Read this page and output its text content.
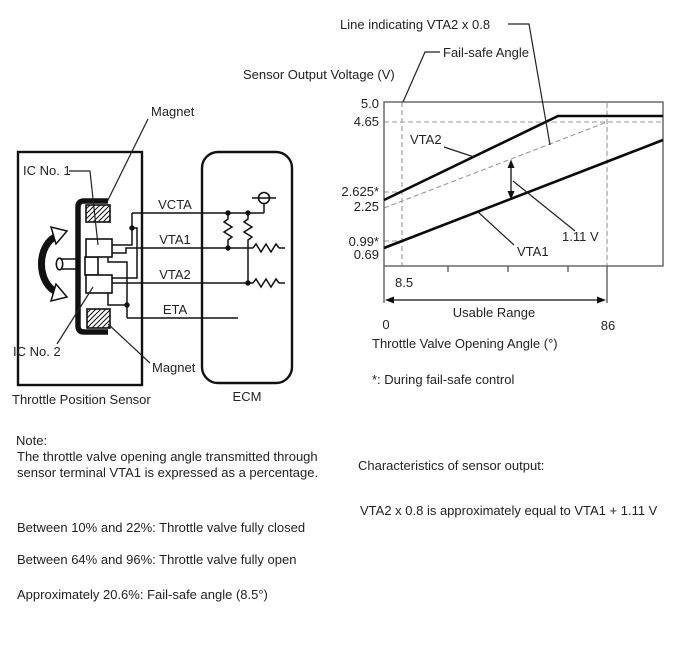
IC No. 1
Magnet
IC No. 2
Magnet
Throttle Position Sensor	ECM
VCTA
VTA1
VTA2
ETA
Sensor Output Voltage (V)
Line indicating VTA2 x 0.8
Fail-safe Angle
5.0
4.65
2.625*
2.25
0.99*
0.69
VTA2
VTA1
1.11 V
8.5
0	86
Usable Range
Throttle Valve Opening Angle (°)
*: During fail-safe control
Note:
The throttle valve opening angle transmitted through
sensor terminal VTA1 is expressed as a percentage.
Between 10% and 22%: Throttle valve fully closed
Between 64% and 96%: Throttle valve fully open
Approximately 20.6%: Fail-safe angle (8.5°)
Characteristics of sensor output:
VTA2 x 0.8 is approximately equal to VTA1 + 1.11 V
